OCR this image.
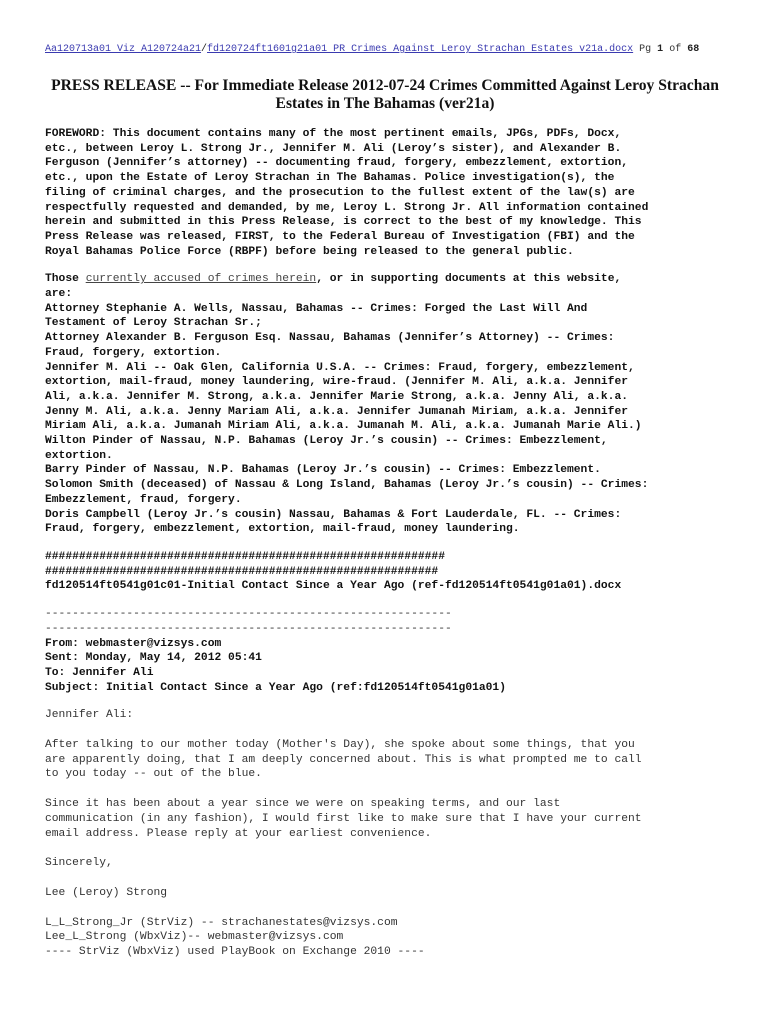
Aa120713a01 Viz A120724a21/fd120724ft1601g21a01 PR Crimes Against Leroy Strachan Estates v21a.docx Pg 1 of 68
PRESS RELEASE -- For Immediate Release 2012-07-24 Crimes Committed Against Leroy Strachan
Estates in The Bahamas (ver21a)
FOREWORD: This document contains many of the most pertinent emails, JPGs, PDFs, Docx,
etc., between Leroy L. Strong Jr., Jennifer M. Ali (Leroy’s sister), and Alexander B.
Ferguson (Jennifer’s attorney) -- documenting fraud, forgery, embezzlement, extortion,
etc., upon the Estate of Leroy Strachan in The Bahamas. Police investigation(s), the
filing of criminal charges, and the prosecution to the fullest extent of the law(s) are
respectfully requested and demanded, by me, Leroy L. Strong Jr. All information contained
herein and submitted in this Press Release, is correct to the best of my knowledge. This
Press Release was released, FIRST, to the Federal Bureau of Investigation (FBI) and the
Royal Bahamas Police Force (RBPF) before being released to the general public.
Those currently accused of crimes herein, or in supporting documents at this website,
are:
Attorney Stephanie A. Wells, Nassau, Bahamas -- Crimes: Forged the Last Will And
Testament of Leroy Strachan Sr.;
Attorney Alexander B. Ferguson Esq. Nassau, Bahamas (Jennifer’s Attorney) -- Crimes:
Fraud, forgery, extortion.
Jennifer M. Ali -- Oak Glen, California U.S.A. -- Crimes: Fraud, forgery, embezzlement,
extortion, mail-fraud, money laundering, wire-fraud. (Jennifer M. Ali, a.k.a. Jennifer
Ali, a.k.a. Jennifer M. Strong, a.k.a. Jennifer Marie Strong, a.k.a. Jenny Ali, a.k.a.
Jenny M. Ali, a.k.a. Jenny Mariam Ali, a.k.a. Jennifer Jumanah Miriam, a.k.a. Jennifer
Miriam Ali, a.k.a. Jumanah Miriam Ali, a.k.a. Jumanah M. Ali, a.k.a. Jumanah Marie Ali.)
Wilton Pinder of Nassau, N.P. Bahamas (Leroy Jr.’s cousin) -- Crimes: Embezzlement,
extortion.
Barry Pinder of Nassau, N.P. Bahamas (Leroy Jr.’s cousin) -- Crimes: Embezzlement.
Solomon Smith (deceased) of Nassau & Long Island, Bahamas (Leroy Jr.’s cousin) -- Crimes:
Embezzlement, fraud, forgery.
Doris Campbell (Leroy Jr.’s cousin) Nassau, Bahamas & Fort Lauderdale, FL. -- Crimes:
Fraud, forgery, embezzlement, extortion, mail-fraud, money laundering.
###########################################################
##########################################################
fd120514ft0541g01c01-Initial Contact Since a Year Ago (ref-fd120514ft0541g01a01).docx
------------------------------------------------------------
------------------------------------------------------------
From: webmaster@vizsys.com
Sent: Monday, May 14, 2012 05:41
To: Jennifer Ali
Subject: Initial Contact Since a Year Ago (ref:fd120514ft0541g01a01)
Jennifer Ali:
After talking to our mother today (Mother's Day), she spoke about some things, that you
are apparently doing, that I am deeply concerned about. This is what prompted me to call
to you today -- out of the blue.
Since it has been about a year since we were on speaking terms, and our last
communication (in any fashion), I would first like to make sure that I have your current
email address. Please reply at your earliest convenience.
Sincerely,
Lee (Leroy) Strong
L_L_Strong_Jr (StrViz) -- strachanestates@vizsys.com
Lee_L_Strong (WbxViz)-- webmaster@vizsys.com
---- StrViz (WbxViz) used PlayBook on Exchange 2010 ----
